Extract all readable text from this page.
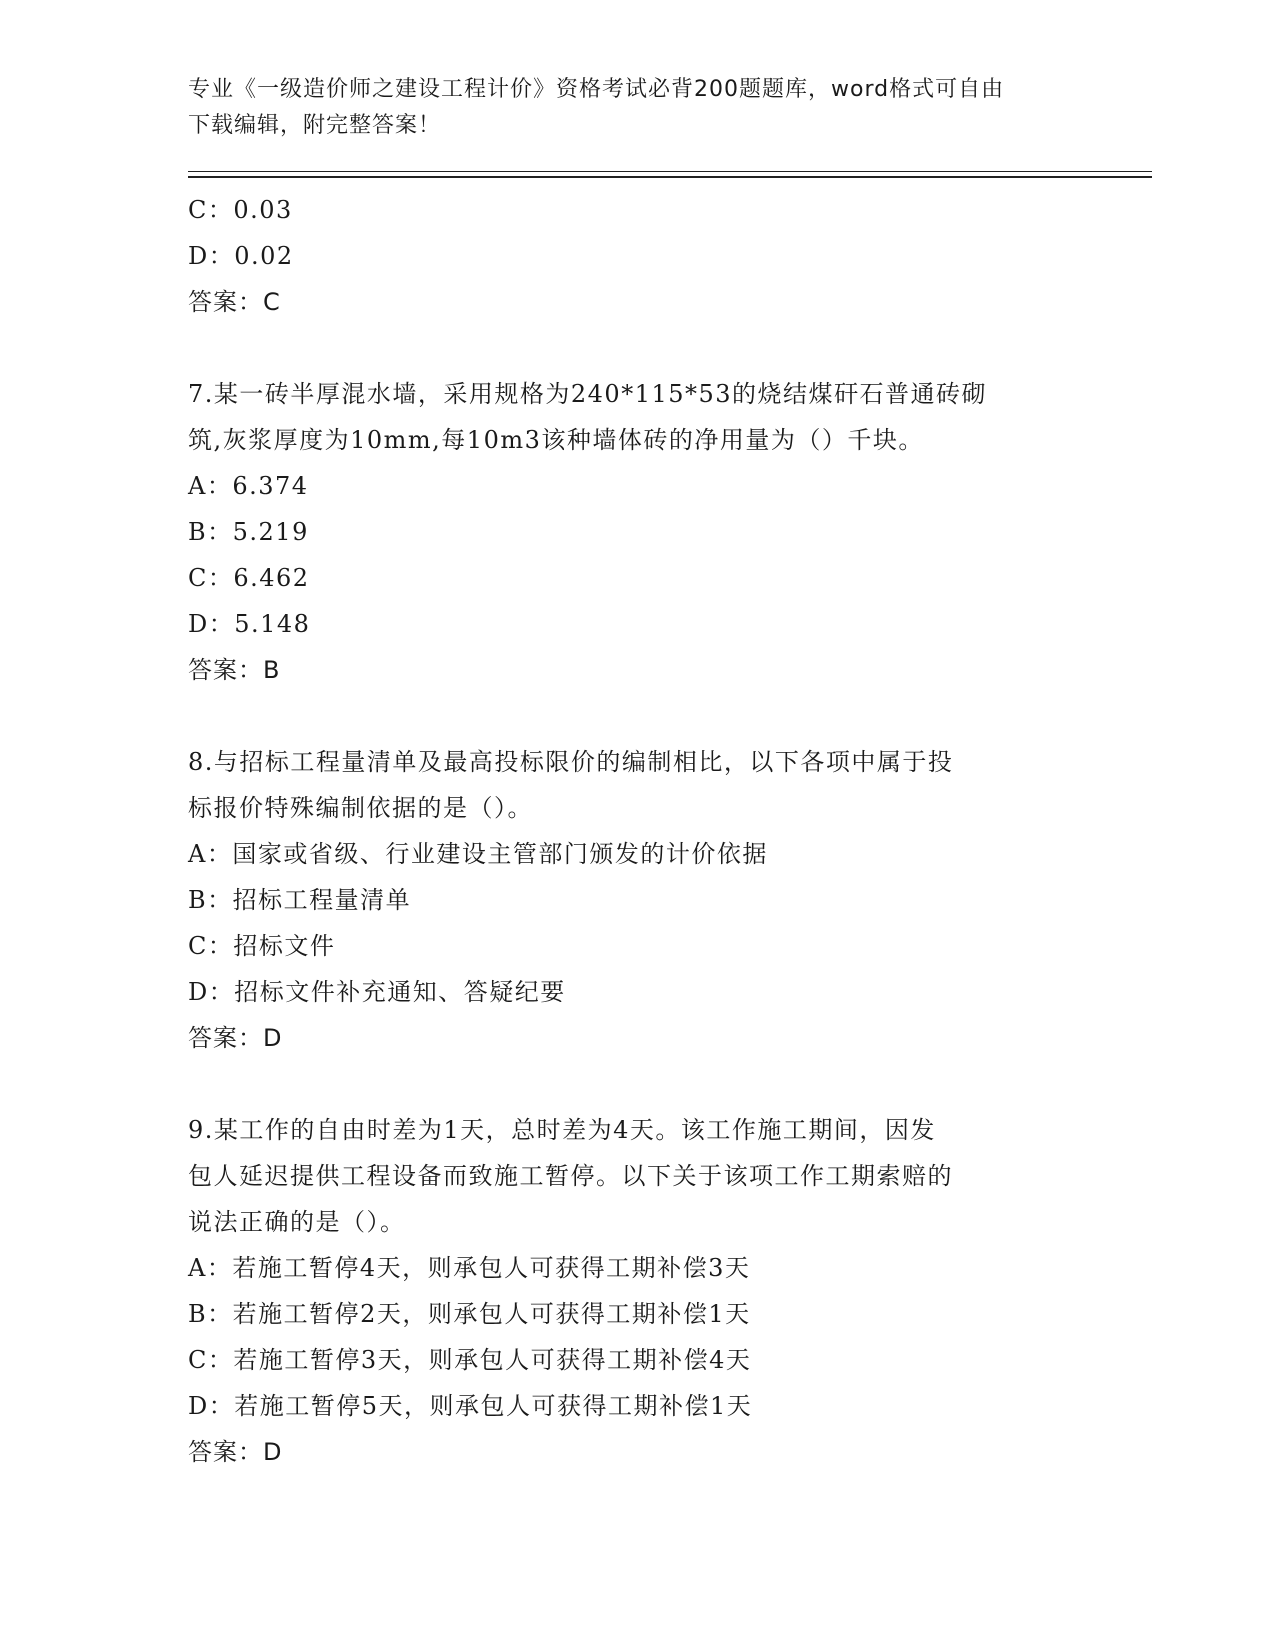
专业《一级造价师之建设工程计价》资格考试必背200题题库，word格式可自由
下载编辑，附完整答案！
C：0.03
D：0.02
答案：C
7.某一砖半厚混水墙，采用规格为240*115*53的烧结煤矸石普通砖砌
筑,灰浆厚度为10mm,每10m3该种墙体砖的净用量为（）千块。
A：6.374
B：5.219
C：6.462
D：5.148
答案：B
8.与招标工程量清单及最高投标限价的编制相比，以下各项中属于投
标报价特殊编制依据的是（）。
A：国家或省级、行业建设主管部门颁发的计价依据
B：招标工程量清单
C：招标文件
D：招标文件补充通知、答疑纪要
答案：D
9.某工作的自由时差为1天，总时差为4天。该工作施工期间，因发
包人延迟提供工程设备而致施工暂停。以下关于该项工作工期索赔的
说法正确的是（）。
A：若施工暂停4天，则承包人可获得工期补偿3天
B：若施工暂停2天，则承包人可获得工期补偿1天
C：若施工暂停3天，则承包人可获得工期补偿4天
D：若施工暂停5天，则承包人可获得工期补偿1天
答案：D
